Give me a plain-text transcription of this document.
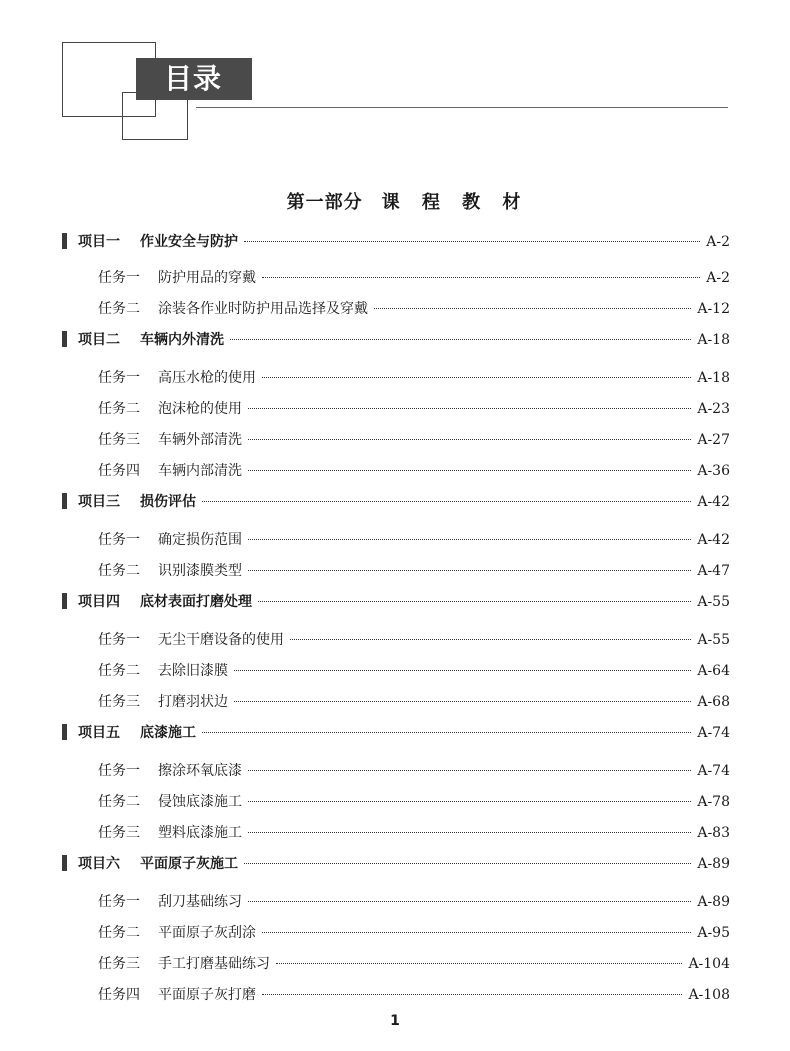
目录
第一部分　课 程 教 材
项目一 作业安全与防护	A-2
任务一 防护用品的穿戴	A-2
任务二 涂装各作业时防护用品选择及穿戴	A-12
项目二 车辆内外清洗	A-18
任务一 高压水枪的使用	A-18
任务二 泡沫枪的使用	A-23
任务三 车辆外部清洗	A-27
任务四 车辆内部清洗	A-36
项目三 损伤评估	A-42
任务一 确定损伤范围	A-42
任务二 识别漆膜类型	A-47
项目四 底材表面打磨处理	A-55
任务一 无尘干磨设备的使用	A-55
任务二 去除旧漆膜	A-64
任务三 打磨羽状边	A-68
项目五 底漆施工	A-74
任务一 擦涂环氧底漆	A-74
任务二 侵蚀底漆施工	A-78
任务三 塑料底漆施工	A-83
项目六 平面原子灰施工	A-89
任务一 刮刀基础练习	A-89
任务二 平面原子灰刮涂	A-95
任务三 手工打磨基础练习	A-104
任务四 平面原子灰打磨	A-108
1
